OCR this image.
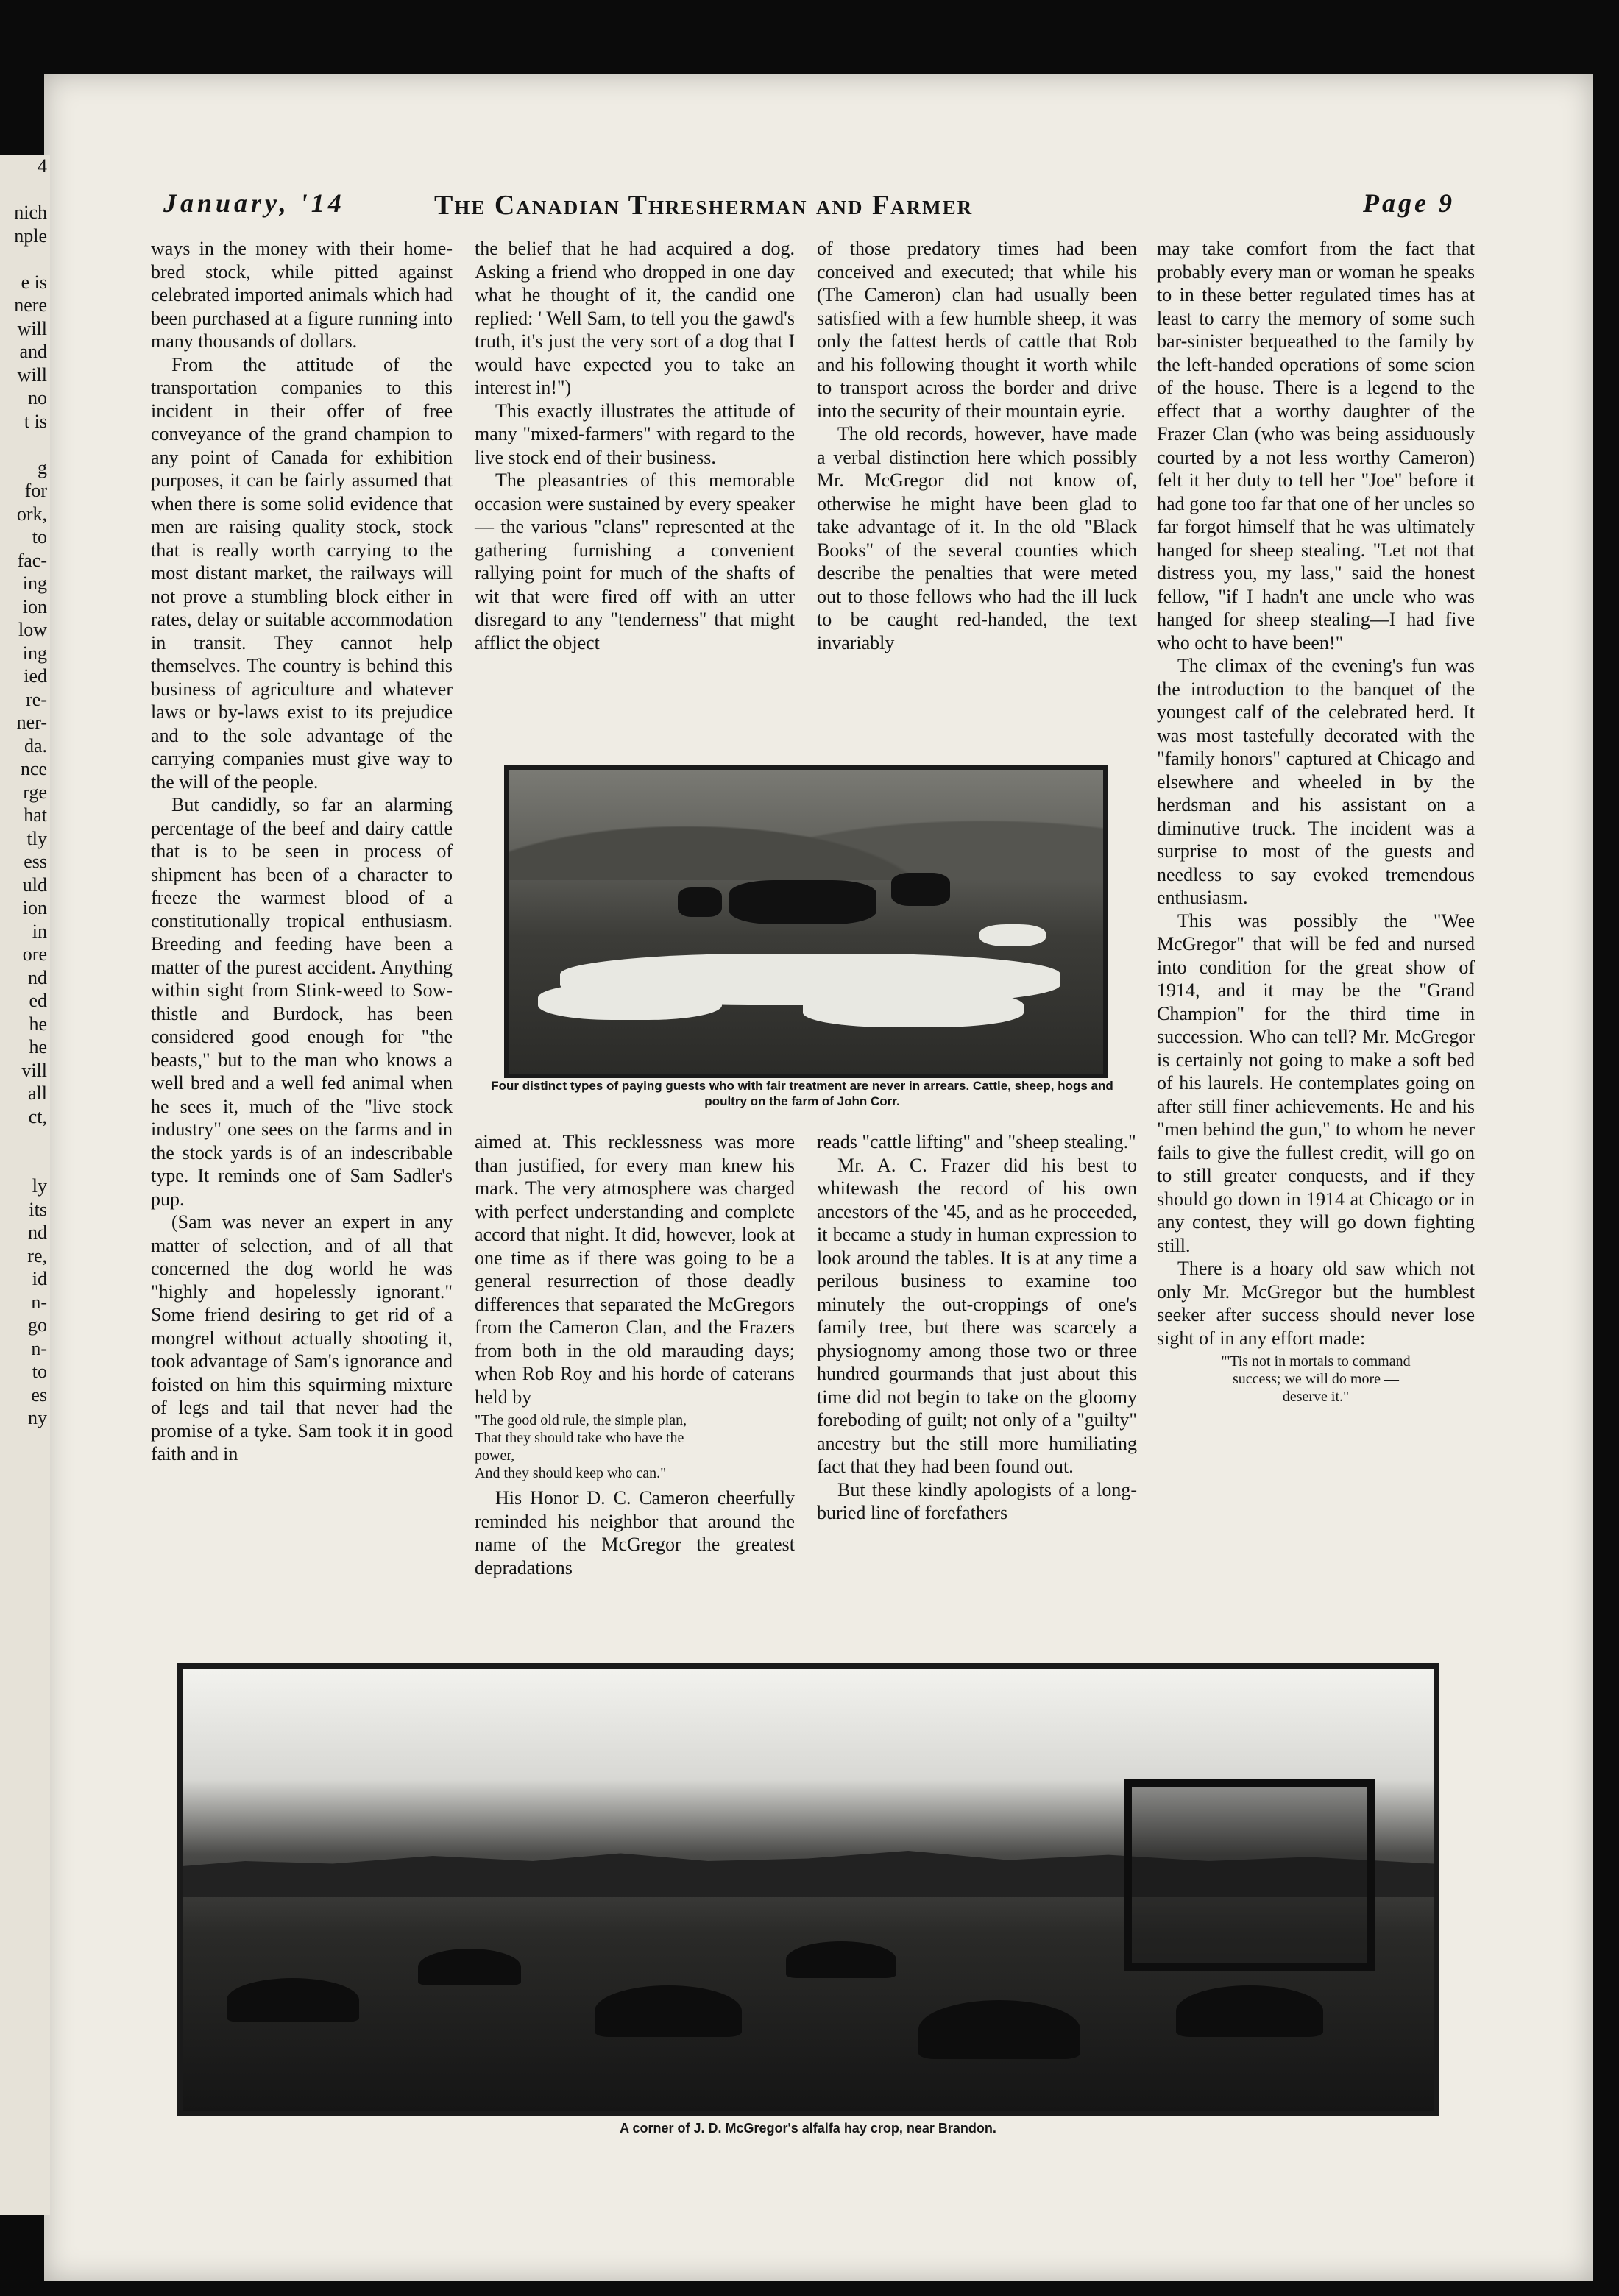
4

nich
nple

e is
nere
will
and
will
no
t is

g
for
ork,
to
fac-
ing
ion
low
ing
ied
re-
ner-
da.
nce
rge
hat
tly
ess
uld
ion
in
ore
nd
ed
he
he
vill
all
ct,

ly
its
nd
re,
id
n-
go
n-
to
es
ny
January, '14	The Canadian Thresherman and Farmer	Page 9

ways in the money with their home-bred stock, while pitted against celebrated imported animals which had been purchased at a figure running into many thousands of dollars.

From the attitude of the transportation companies to this incident in their offer of free conveyance of the grand champion to any point of Canada for exhibition purposes, it can be fairly assumed that when there is some solid evidence that men are raising quality stock, stock that is really worth carrying to the most distant market, the railways will not prove a stumbling block either in rates, delay or suitable accommodation in transit. They cannot help themselves. The country is behind this business of agriculture and whatever laws or by-laws exist to its prejudice and to the sole advantage of the carrying companies must give way to the will of the people.

But candidly, so far an alarming percentage of the beef and dairy cattle that is to be seen in process of shipment has been of a character to freeze the warmest blood of a constitutionally tropical enthusiasm. Breeding and feeding have been a matter of the purest accident. Anything within sight from Stink-weed to Sow-thistle and Burdock, has been considered good enough for "the beasts," but to the man who knows a well bred and a well fed animal when he sees it, much of the "live stock industry" one sees on the farms and in the stock yards is of an indescribable type. It reminds one of Sam Sadler's pup.

(Sam was never an expert in any matter of selection, and of all that concerned the dog world he was "highly and hopelessly ignorant." Some friend desiring to get rid of a mongrel without actually shooting it, took advantage of Sam's ignorance and foisted on him this squirming mixture of legs and tail that never had the promise of a tyke. Sam took it in good faith and in

the belief that he had acquired a dog. Asking a friend who dropped in one day what he thought of it, the candid one replied: ' Well Sam, to tell you the gawd's truth, it's just the very sort of a dog that I would have expected you to take an interest in!")

This exactly illustrates the attitude of many "mixed-farmers" with regard to the live stock end of their business.

The pleasantries of this memorable occasion were sustained by every speaker — the various "clans" represented at the gathering furnishing a convenient rallying point for much of the shafts of wit that were fired off with an utter disregard to any "tenderness" that might afflict the object

of those predatory times had been conceived and executed; that while his (The Cameron) clan had usually been satisfied with a few humble sheep, it was only the fattest herds of cattle that Rob and his following thought it worth while to transport across the border and drive into the security of their mountain eyrie.

The old records, however, have made a verbal distinction here which possibly Mr. McGregor did not know of, otherwise he might have been glad to take advantage of it. In the old "Black Books" of the several counties which describe the penalties that were meted out to those fellows who had the ill luck to be caught red-handed, the text invariably

may take comfort from the fact that probably every man or woman he speaks to in these better regulated times has at least to carry the memory of some such bar-sinister bequeathed to the family by the left-handed operations of some scion of the house. There is a legend to the effect that a worthy daughter of the Frazer Clan (who was being assiduously courted by a not less worthy Cameron) felt it her duty to tell her "Joe" before it had gone too far that one of her uncles so far forgot himself that he was ultimately hanged for sheep stealing. "Let not that distress you, my lass," said the honest fellow, "if I hadn't ane uncle who was hanged for sheep stealing—I had five who ocht to have been!"

The climax of the evening's fun was the introduction to the banquet of the youngest calf of the celebrated herd. It was most tastefully decorated with the "family honors" captured at Chicago and elsewhere and wheeled in by the herdsman and his assistant on a diminutive truck. The incident was a surprise to most of the guests and needless to say evoked tremendous enthusiasm.

This was possibly the "Wee McGregor" that will be fed and nursed into condition for the great show of 1914, and it may be the "Grand Champion" for the third time in succession. Who can tell? Mr. McGregor is certainly not going to make a soft bed of his laurels. He contemplates going on after still finer achievements. He and his "men behind the gun," to whom he never fails to give the fullest credit, will go on to still greater conquests, and if they should go down in 1914 at Chicago or in any contest, they will go down fighting still.

There is a hoary old saw which not only Mr. McGregor but the humblest seeker after success should never lose sight of in any effort made:

"'Tis not in mortals to command
success; we will do more —
deserve it."

Four distinct types of paying guests who with fair treatment are never in arrears. Cattle, sheep, hogs and poultry on the farm of John Corr.

aimed at. This recklessness was more than justified, for every man knew his mark. The very atmosphere was charged with perfect understanding and complete accord that night. It did, however, look at one time as if there was going to be a general resurrection of those deadly differences that separated the McGregors from the Cameron Clan, and the Frazers from both in the old marauding days; when Rob Roy and his horde of caterans held by

"The good old rule, the simple plan,
That they should take who have the
power,
And they should keep who can."

His Honor D. C. Cameron cheerfully reminded his neighbor that around the name of the McGregor the greatest depradations

reads "cattle lifting" and "sheep stealing."

Mr. A. C. Frazer did his best to whitewash the record of his own ancestors of the '45, and as he proceeded, it became a study in human expression to look around the tables. It is at any time a perilous business to examine too minutely the out-croppings of one's family tree, but there was scarcely a physiognomy among those two or three hundred gourmands that just about this time did not begin to take on the gloomy foreboding of guilt; not only of a "guilty" ancestry but the still more humiliating fact that they had been found out.

But these kindly apologists of a long-buried line of forefathers

A corner of J. D. McGregor's alfalfa hay crop, near Brandon.
